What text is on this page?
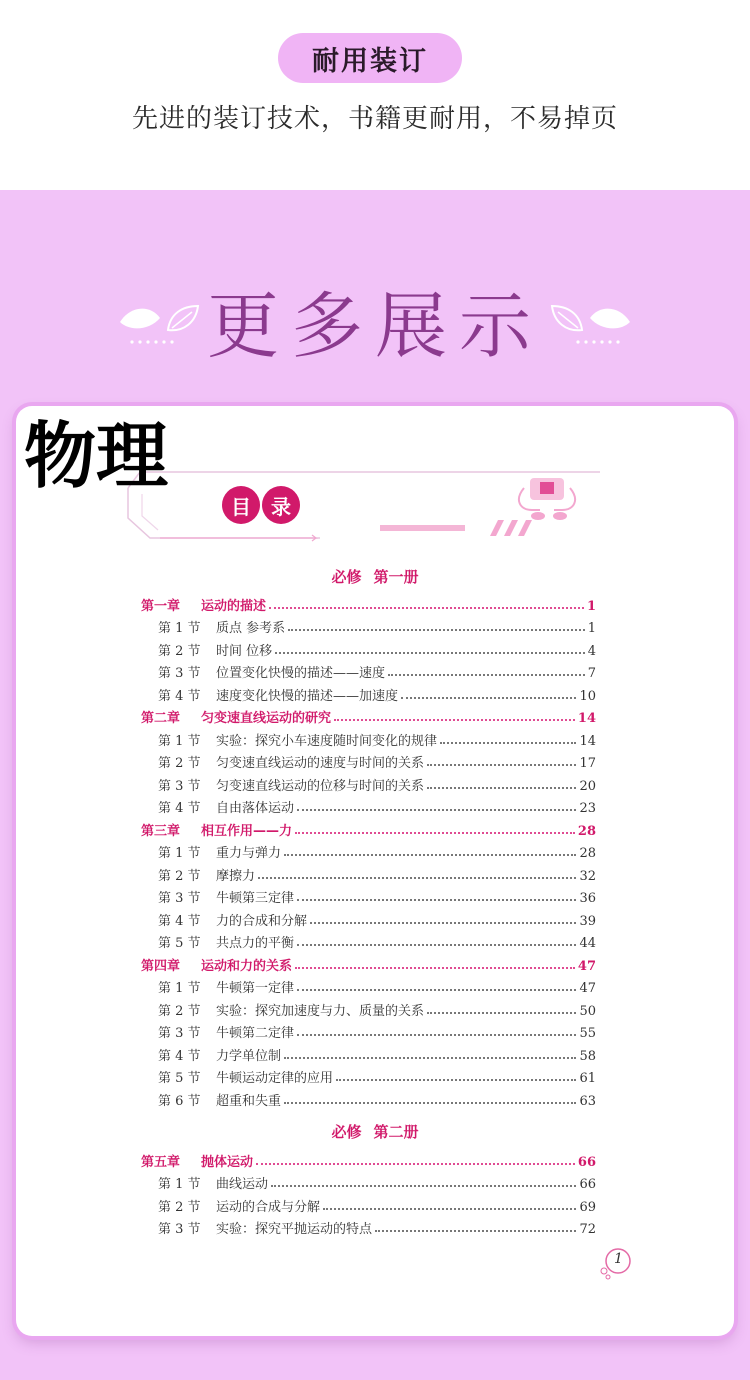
耐用装订
先进的装订技术，书籍更耐用，不易掉页
更多展示
目	录
物理
必修 第一册
第一章	运动的描述	1
第 1 节	质点 参考系	1
第 2 节	时间 位移	4
第 3 节	位置变化快慢的描述——速度	7
第 4 节	速度变化快慢的描述——加速度	10
第二章	匀变速直线运动的研究	14
第 1 节	实验：探究小车速度随时间变化的规律	14
第 2 节	匀变速直线运动的速度与时间的关系	17
第 3 节	匀变速直线运动的位移与时间的关系	20
第 4 节	自由落体运动	23
第三章	相互作用——力	28
第 1 节	重力与弹力	28
第 2 节	摩擦力	32
第 3 节	牛顿第三定律	36
第 4 节	力的合成和分解	39
第 5 节	共点力的平衡	44
第四章	运动和力的关系	47
第 1 节	牛顿第一定律	47
第 2 节	实验：探究加速度与力、质量的关系	50
第 3 节	牛顿第二定律	55
第 4 节	力学单位制	58
第 5 节	牛顿运动定律的应用	61
第 6 节	超重和失重	63
必修 第二册
第五章	抛体运动	66
第 1 节	曲线运动	66
第 2 节	运动的合成与分解	69
第 3 节	实验：探究平抛运动的特点	72
1
